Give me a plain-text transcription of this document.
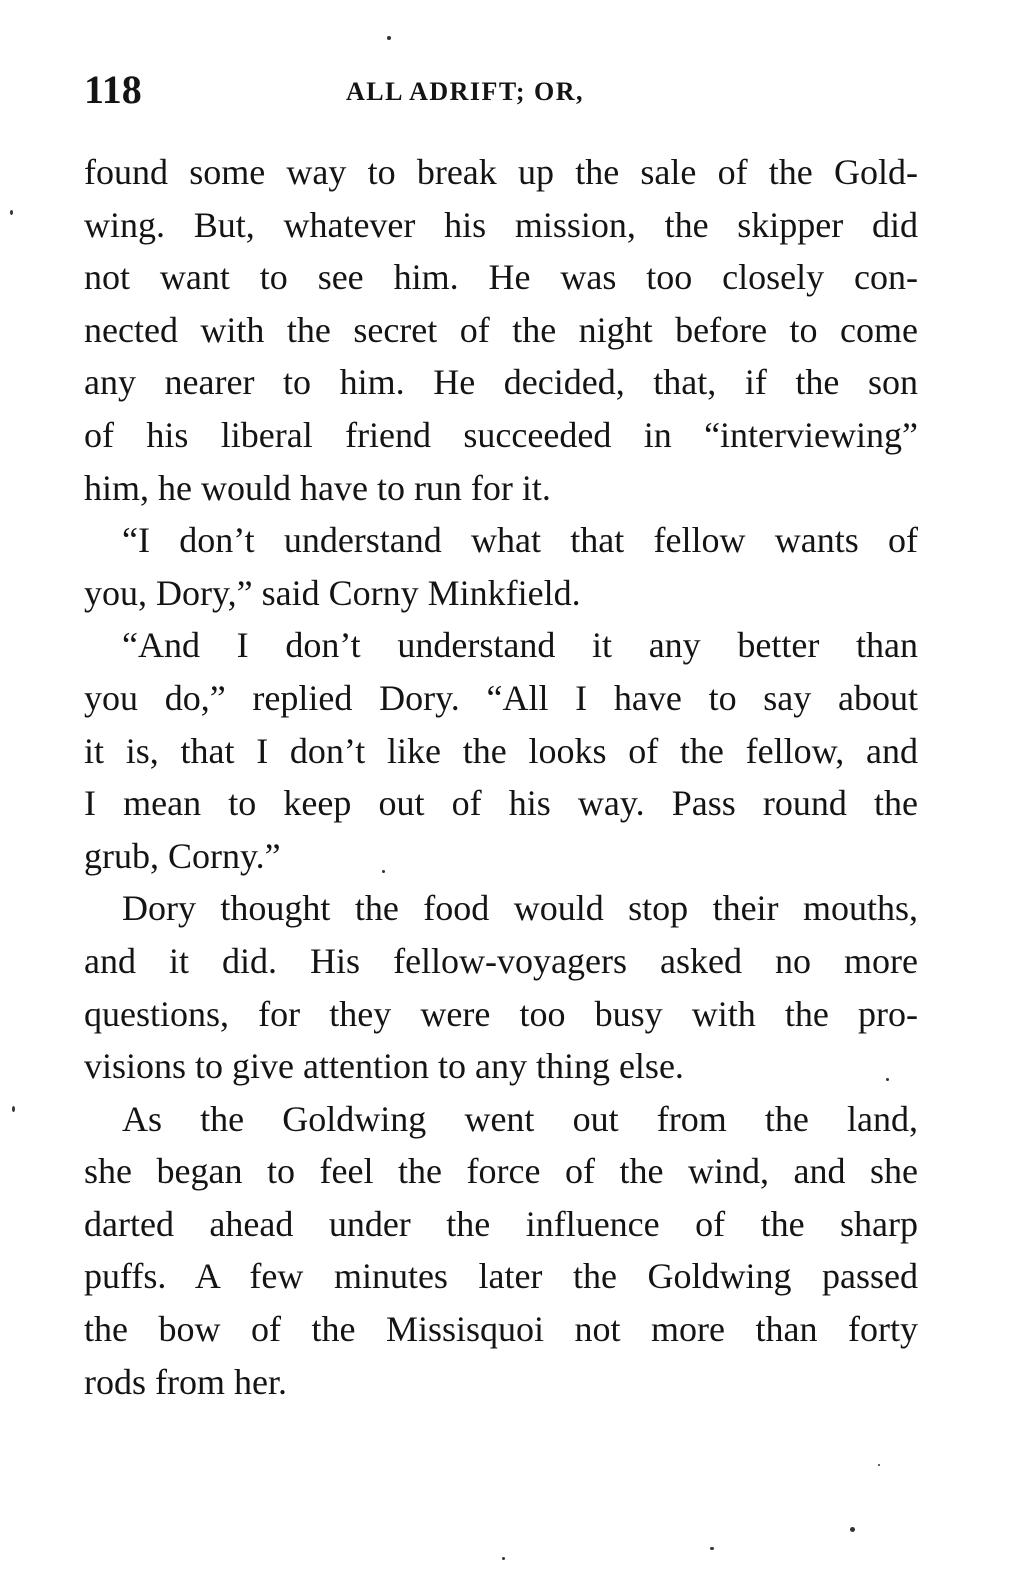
118	ALL ADRIFT; OR,

found some way to break up the sale of the Gold-
wing. But, whatever his mission, the skipper did
not want to see him. He was too closely con-
nected with the secret of the night before to come
any nearer to him. He decided, that, if the son
of his liberal friend succeeded in “interviewing”
him, he would have to run for it.

“I don’t understand what that fellow wants of
you, Dory,” said Corny Minkfield.

“And I don’t understand it any better than
you do,” replied Dory. “All I have to say about
it is, that I don’t like the looks of the fellow, and
I mean to keep out of his way. Pass round the
grub, Corny.”

Dory thought the food would stop their mouths,
and it did. His fellow-voyagers asked no more
questions, for they were too busy with the pro-
visions to give attention to any thing else.

As the Goldwing went out from the land,
she began to feel the force of the wind, and she
darted ahead under the influence of the sharp
puffs. A few minutes later the Goldwing passed
the bow of the Missisquoi not more than forty
rods from her.
